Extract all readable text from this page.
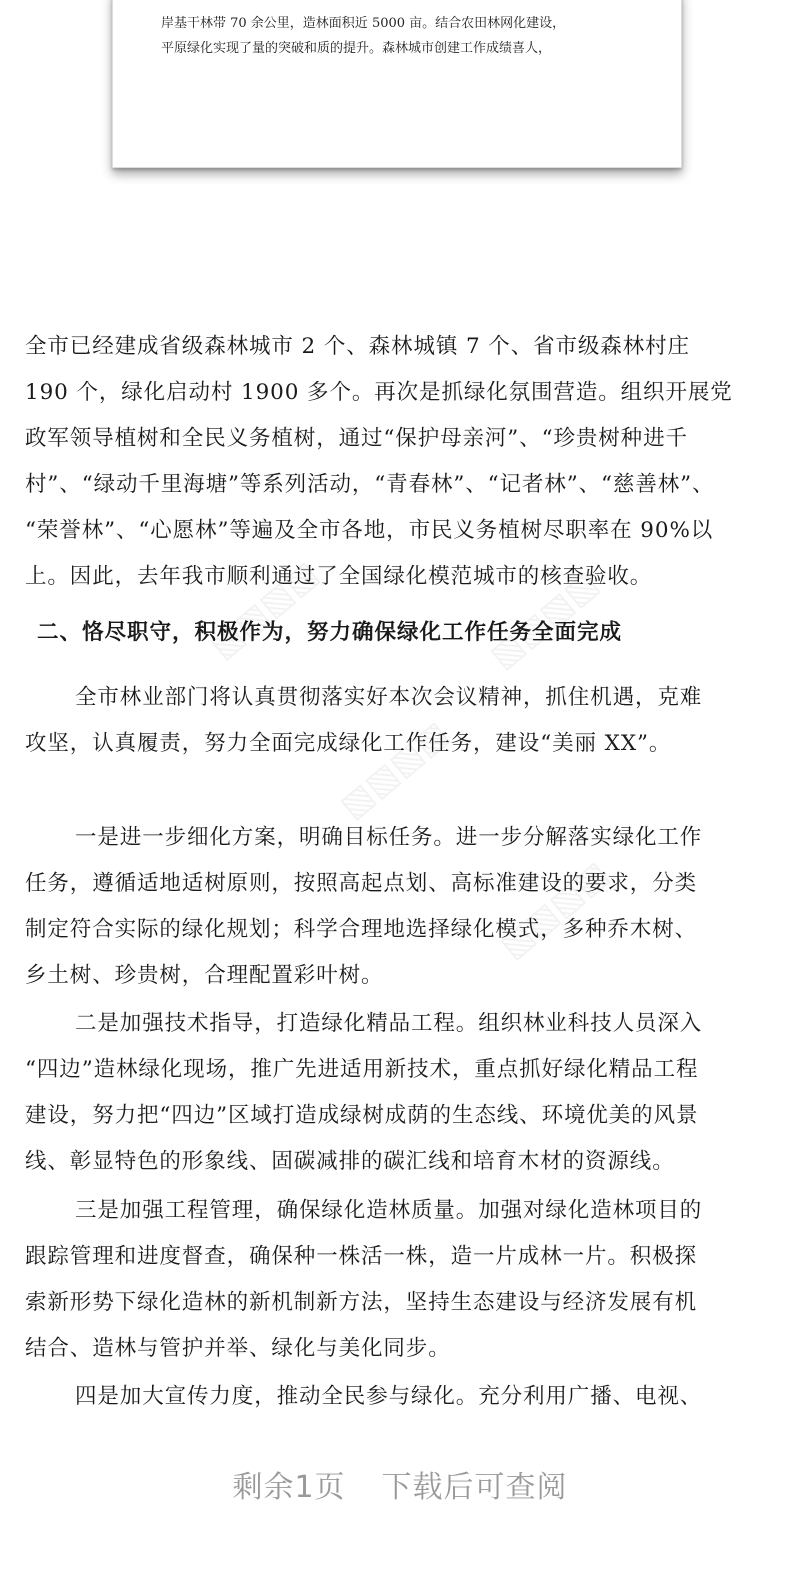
岸基干林带 70 余公里，造林面积近 5000 亩。结合农田林网化建设，
平原绿化实现了量的突破和质的提升。森林城市创建工作成绩喜人，
▧▧▧▧	▧▧▧▧
▧▧▧▧
▧▧▧▧
全市已经建成省级森林城市 2 个、森林城镇 7 个、省市级森林村庄
190 个，绿化启动村 1900 多个。再次是抓绿化氛围营造。组织开展党
政军领导植树和全民义务植树，通过“保护母亲河”、“珍贵树种进千
村”、“绿动千里海塘”等系列活动，“青春林”、“记者林”、“慈善林”、
“荣誉林”、“心愿林”等遍及全市各地，市民义务植树尽职率在 90%以
上。因此，去年我市顺利通过了全国绿化模范城市的核查验收。
二、恪尽职守，积极作为，努力确保绿化工作任务全面完成
全市林业部门将认真贯彻落实好本次会议精神，抓住机遇，克难
攻坚，认真履责，努力全面完成绿化工作任务，建设“美丽 XX”。
一是进一步细化方案，明确目标任务。进一步分解落实绿化工作
任务，遵循适地适树原则，按照高起点划、高标准建设的要求，分类
制定符合实际的绿化规划；科学合理地选择绿化模式，多种乔木树、
乡土树、珍贵树，合理配置彩叶树。
二是加强技术指导，打造绿化精品工程。组织林业科技人员深入
“四边”造林绿化现场，推广先进适用新技术，重点抓好绿化精品工程
建设，努力把“四边”区域打造成绿树成荫的生态线、环境优美的风景
线、彰显特色的形象线、固碳减排的碳汇线和培育木材的资源线。
三是加强工程管理，确保绿化造林质量。加强对绿化造林项目的
跟踪管理和进度督查，确保种一株活一株，造一片成林一片。积极探
索新形势下绿化造林的新机制新方法，坚持生态建设与经济发展有机
结合、造林与管护并举、绿化与美化同步。
四是加大宣传力度，推动全民参与绿化。充分利用广播、电视、
剩余1页 下载后可查阅
